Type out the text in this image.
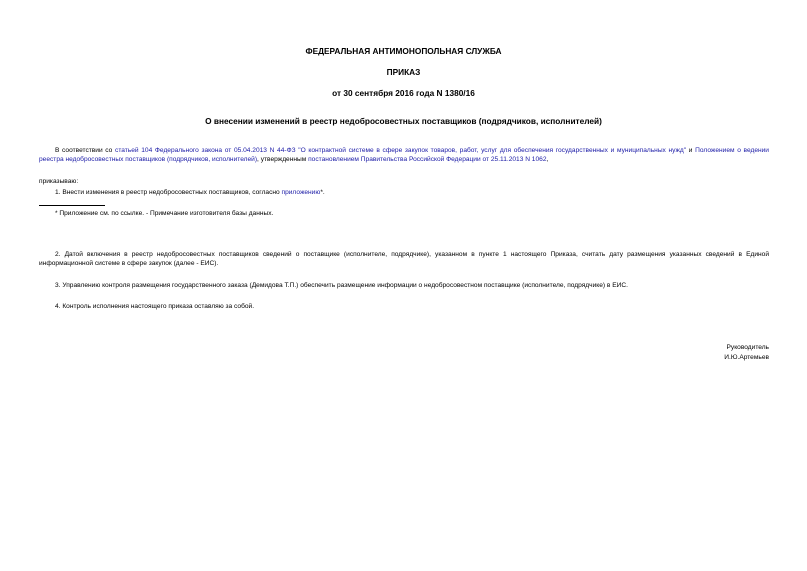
ФЕДЕРАЛЬНАЯ АНТИМОНОПОЛЬНАЯ СЛУЖБА
ПРИКАЗ
от 30 сентября 2016 года N 1380/16
О внесении изменений в реестр недобросовестных поставщиков (подрядчиков, исполнителей)

В соответствии со статьей 104 Федерального закона от 05.04.2013 N 44-ФЗ "О контрактной системе в сфере закупок товаров, работ, услуг для обеспечения государственных и муниципальных нужд" и Положением о ведении реестра недобросовестных поставщиков (подрядчиков, исполнителей), утвержденным постановлением Правительства Российской Федерации от 25.11.2013 N 1062,

приказываю:

1. Внести изменения в реестр недобросовестных поставщиков, согласно приложению*.

* Приложение см. по ссылке. - Примечание изготовителя базы данных.

2. Датой включения в реестр недобросовестных поставщиков сведений о поставщике (исполнителе, подрядчике), указанном в пункте 1 настоящего Приказа, считать дату размещения указанных сведений в Единой информационной системе в сфере закупок (далее - ЕИС).

3. Управлению контроля размещения государственного заказа (Демидова Т.П.) обеспечить размещение информации о недобросовестном поставщике (исполнителе, подрядчике) в ЕИС.

4. Контроль исполнения настоящего приказа оставляю за собой.

Руководитель
И.Ю.Артемьев
